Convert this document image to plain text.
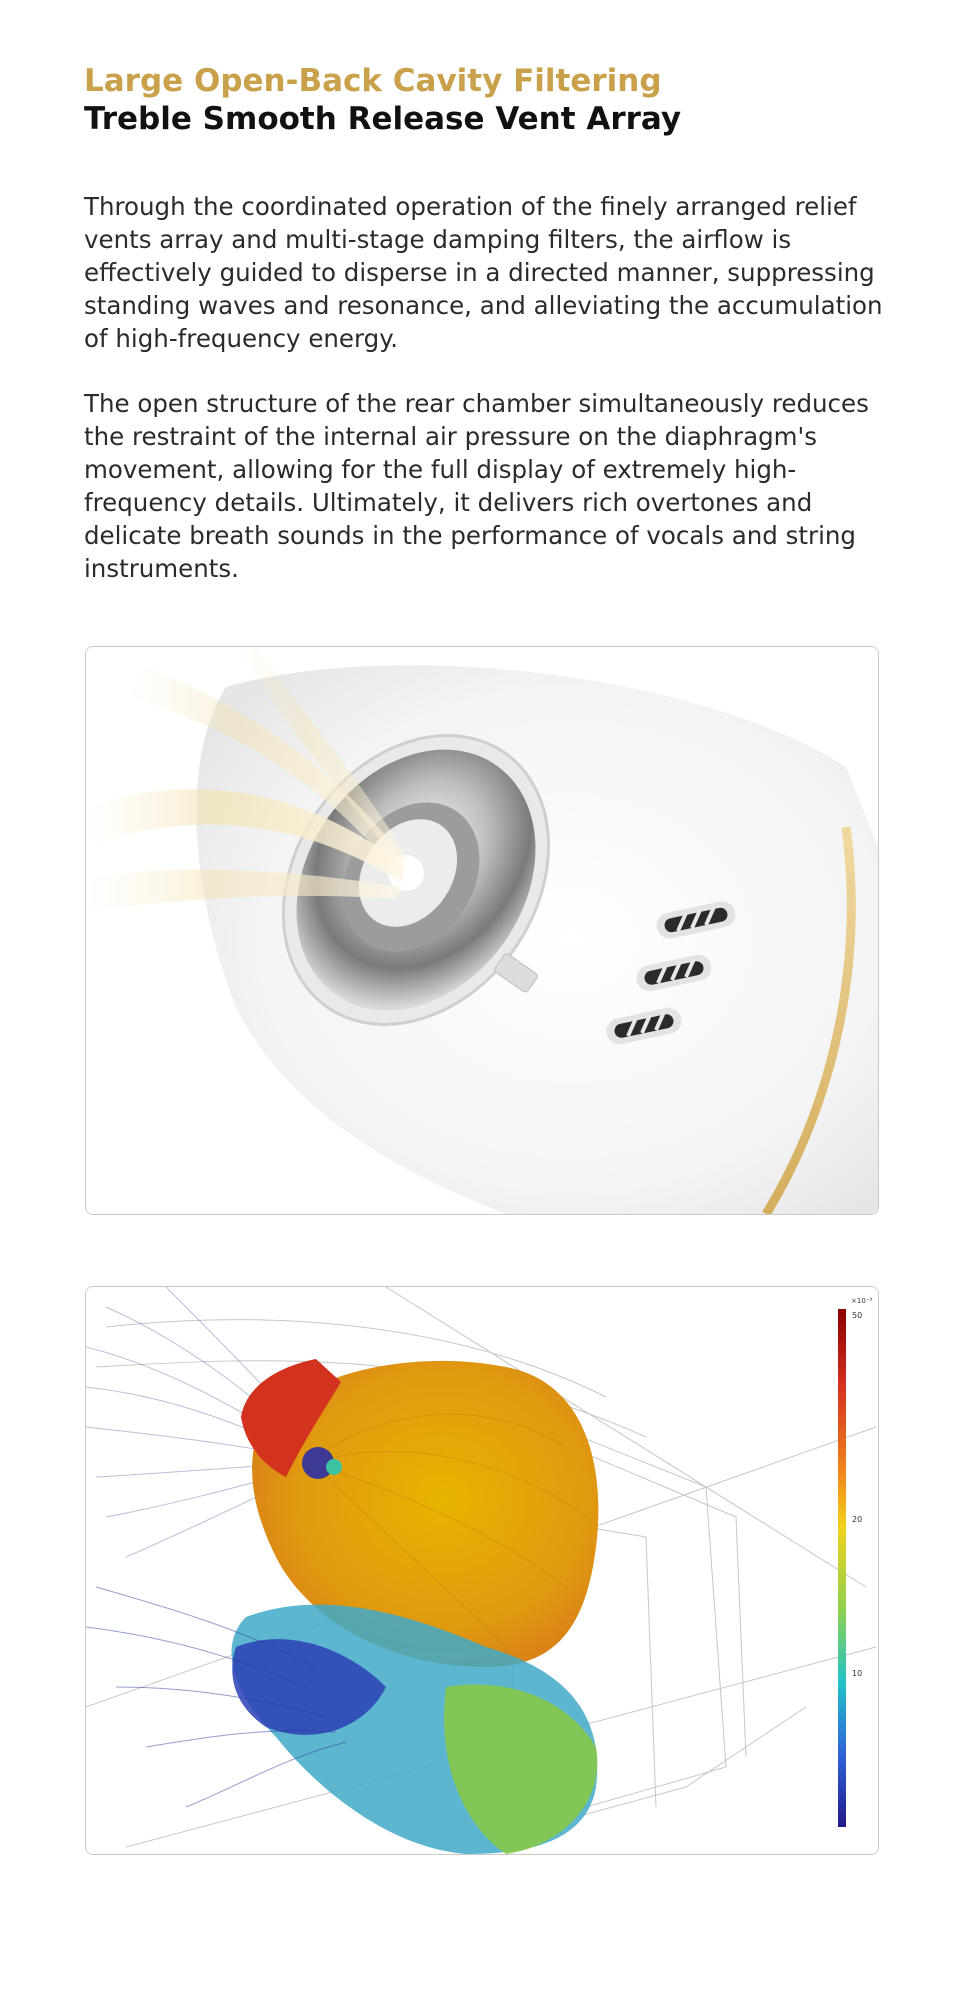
Large Open-Back Cavity Filtering
Treble Smooth Release Vent Array

Through the coordinated operation of the finely arranged relief vents array and multi-stage damping filters, the airflow is effectively guided to disperse in a directed manner, suppressing standing waves and resonance, and alleviating the accumulation of high-frequency energy.

The open structure of the rear chamber simultaneously reduces the restraint of the internal air pressure on the diaphragm's movement, allowing for the full display of extremely high-frequency details. Ultimately, it delivers rich overtones and delicate breath sounds in the performance of vocals and string instruments.

×10⁻³
50
20
10
